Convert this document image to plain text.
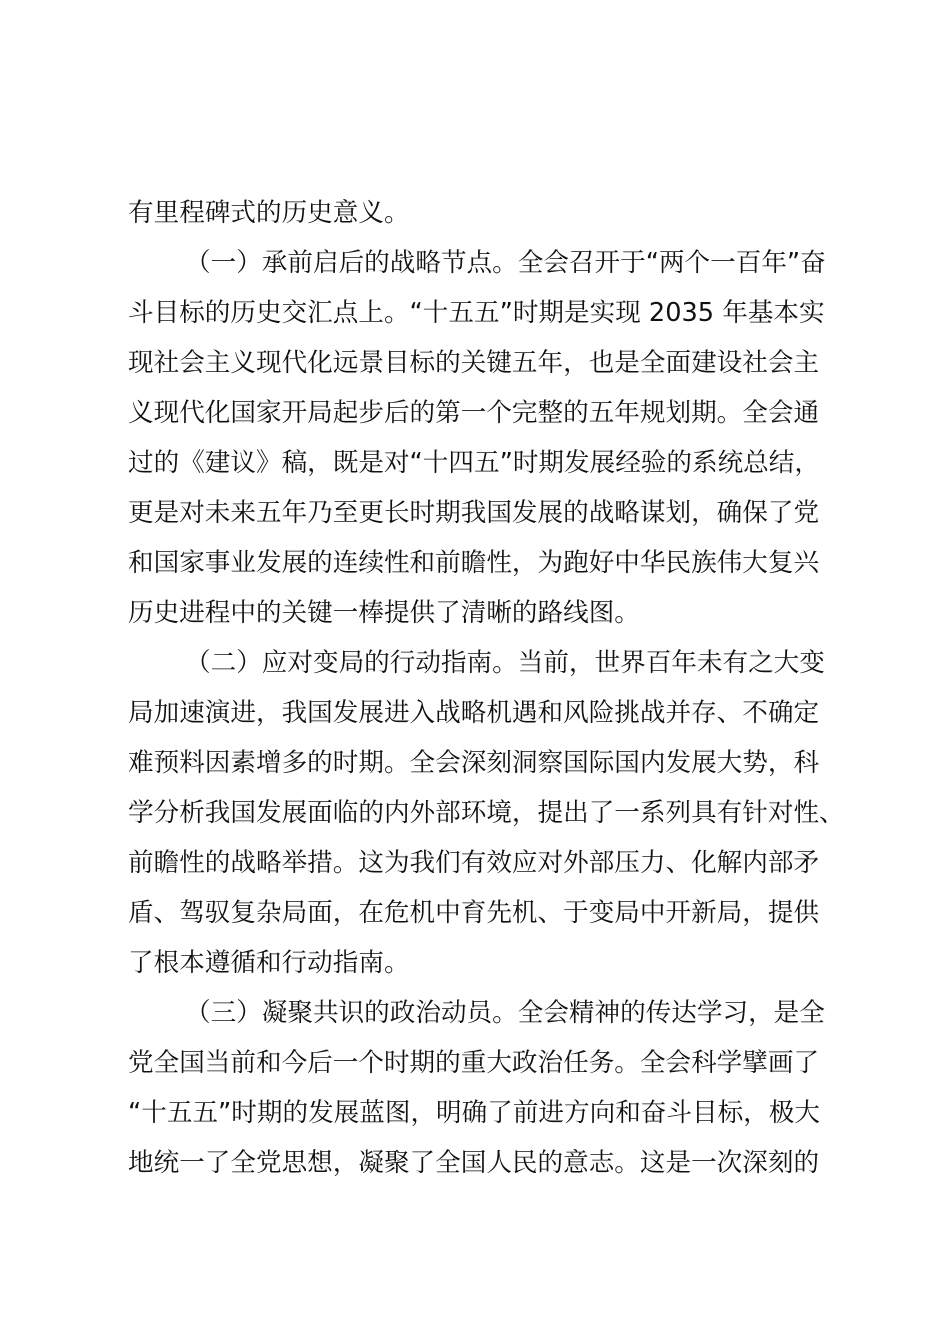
有里程碑式的历史意义。
（一）承前启后的战略节点。全会召开于“两个一百年”奋
斗目标的历史交汇点上。“十五五”时期是实现 2035 年基本实
现社会主义现代化远景目标的关键五年，也是全面建设社会主
义现代化国家开局起步后的第一个完整的五年规划期。全会通
过的《建议》稿，既是对“十四五”时期发展经验的系统总结，
更是对未来五年乃至更长时期我国发展的战略谋划，确保了党
和国家事业发展的连续性和前瞻性，为跑好中华民族伟大复兴
历史进程中的关键一棒提供了清晰的路线图。
（二）应对变局的行动指南。当前，世界百年未有之大变
局加速演进，我国发展进入战略机遇和风险挑战并存、不确定
难预料因素增多的时期。全会深刻洞察国际国内发展大势，科
学分析我国发展面临的内外部环境，提出了一系列具有针对性、
前瞻性的战略举措。这为我们有效应对外部压力、化解内部矛
盾、驾驭复杂局面，在危机中育先机、于变局中开新局，提供
了根本遵循和行动指南。
（三）凝聚共识的政治动员。全会精神的传达学习，是全
党全国当前和今后一个时期的重大政治任务。全会科学擘画了
“十五五”时期的发展蓝图，明确了前进方向和奋斗目标，极大
地统一了全党思想，凝聚了全国人民的意志。这是一次深刻的
